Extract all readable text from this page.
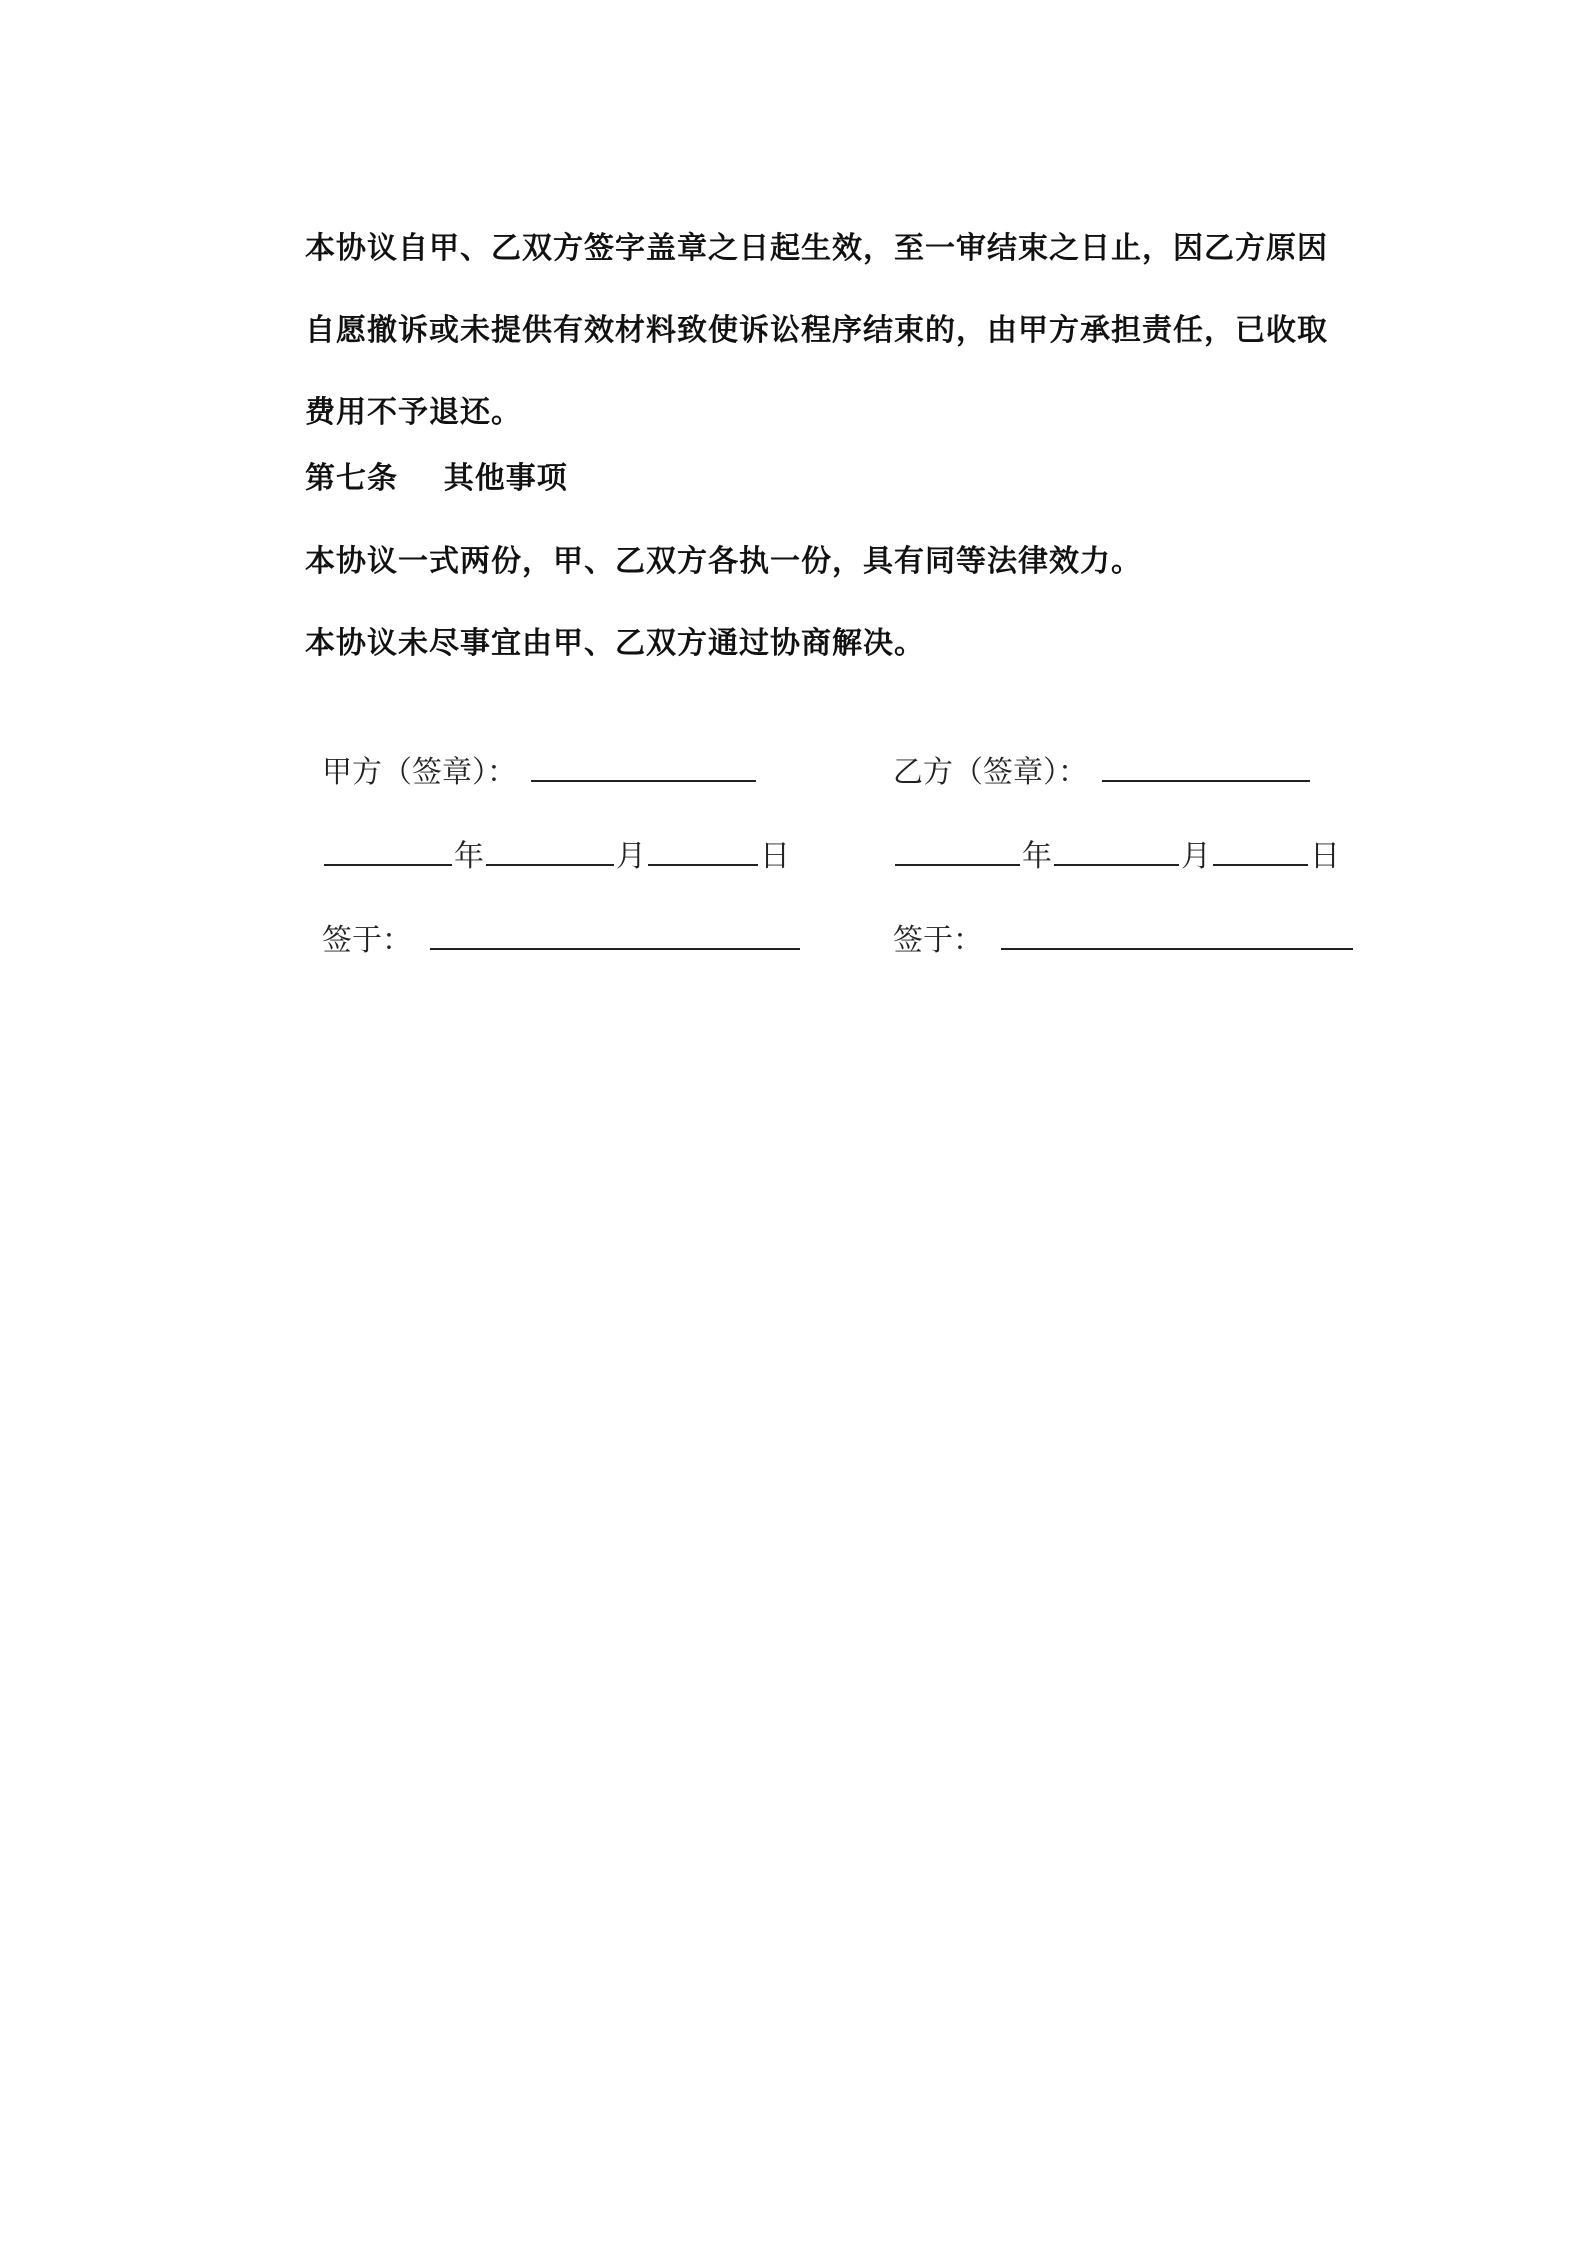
本协议自甲、乙双方签字盖章之日起生效，至一审结束之日止，因乙方原因自愿撤诉或未提供有效材料致使诉讼程序结束的，由甲方承担责任，已收取费用不予退还。
第七条    其他事项
本协议一式两份，甲、乙双方各执一份，具有同等法律效力。
本协议未尽事宜由甲、乙双方通过协商解决。
甲方（签章）：
年	月	日
签于：
乙方（签章）：
年	月	日
签于：
